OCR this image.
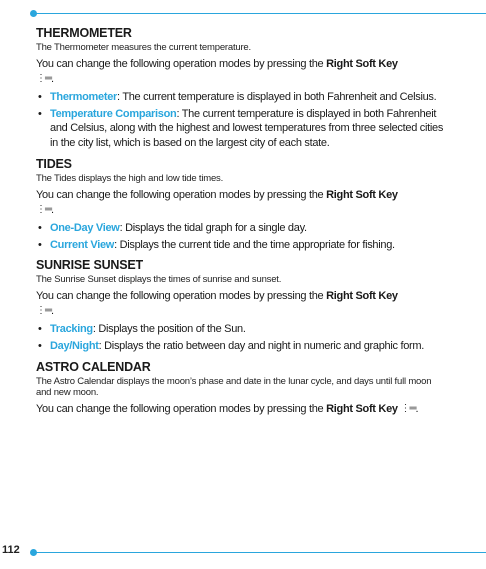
THERMOMETER

The Thermometer measures the current temperature.

You can change the following operation modes by pressing the Right Soft Key
⋮═.

• Thermometer: The current temperature is displayed in both Fahrenheit and Celsius.
• Temperature Comparison: The current temperature is displayed in both Fahrenheit and Celsius, along with the highest and lowest temperatures from three selected cities in the city list, which is based on the largest city of each state.
TIDES

The Tides displays the high and low tide times.

You can change the following operation modes by pressing the Right Soft Key
⋮═.

• One-Day View: Displays the tidal graph for a single day.
• Current View: Displays the current tide and the time appropriate for fishing.
SUNRISE SUNSET

The Sunrise Sunset displays the times of sunrise and sunset.

You can change the following operation modes by pressing the Right Soft Key
⋮═.

• Tracking: Displays the position of the Sun.
• Day/Night: Displays the ratio between day and night in numeric and graphic form.
ASTRO CALENDAR

The Astro Calendar displays the moon’s phase and date in the lunar cycle, and days until full moon and new moon.

You can change the following operation modes by pressing the Right Soft Key ⋮═.

112
